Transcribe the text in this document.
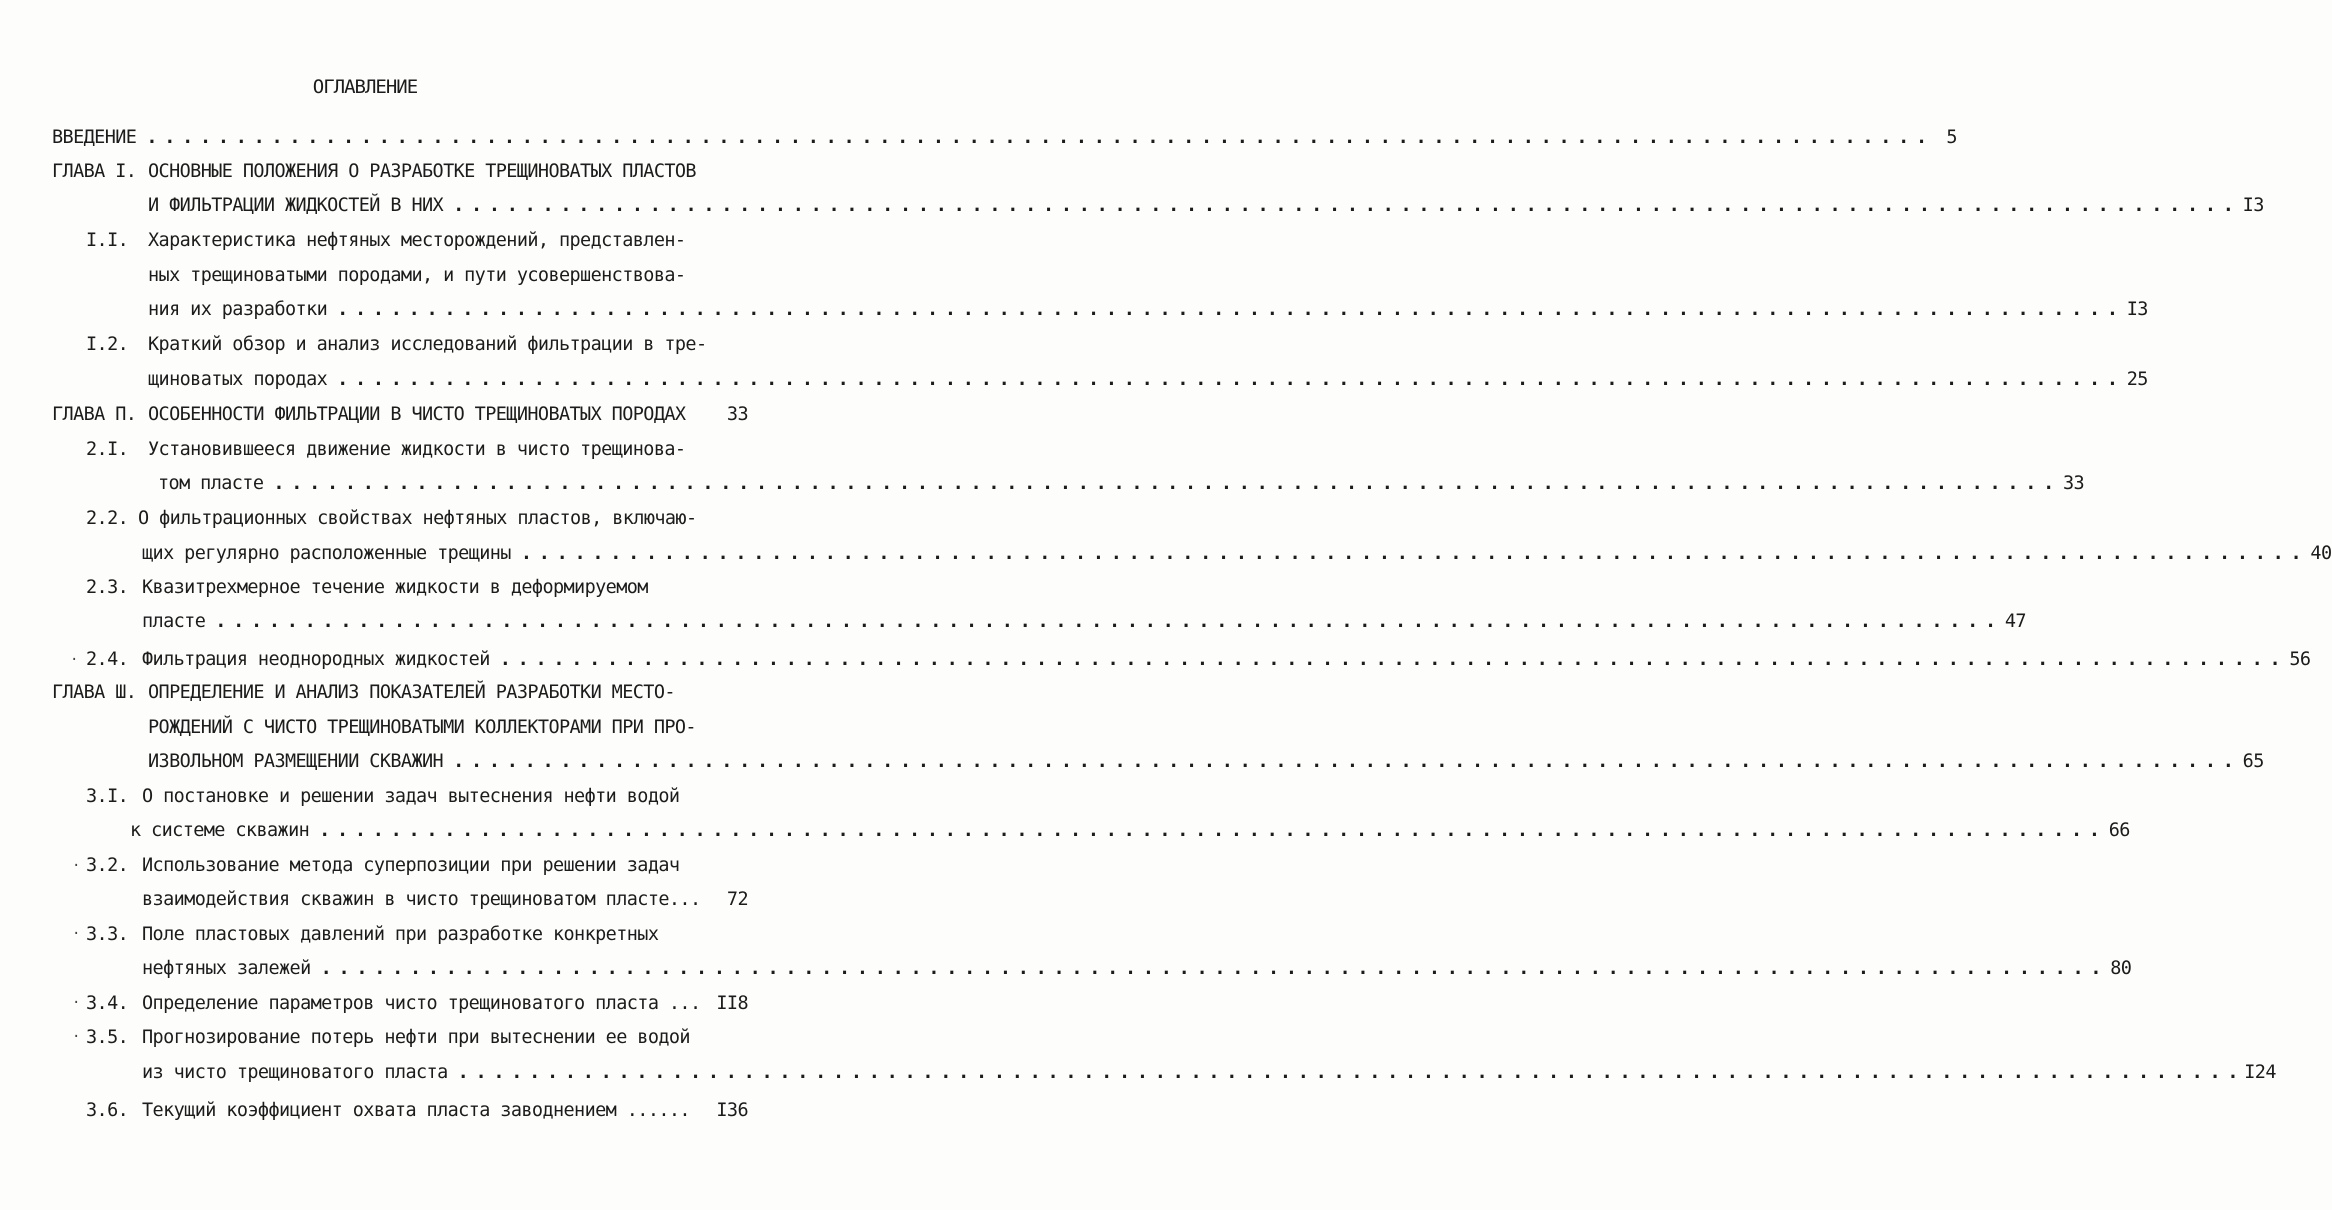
ОГЛАВЛЕНИЕ
ВВЕДЕНИЕ . . .	5
ГЛАВА I. ОСНОВНЫЕ ПОЛОЖЕНИЯ О РАЗРАБОТКЕ ТРЕЩИНОВАТЫХ ПЛАСТОВ
И ФИЛЬТРАЦИИ ЖИДКОСТЕЙ В НИХ . . .	I3
I.I.	Характеристика нефтяных месторождений, представлен-
ных трещиноватыми породами, и пути усовершенствова-
ния их разработки . . .	I3
I.2.	Краткий обзор и анализ исследований фильтрации в тре-
щиноватых породах . . .	25
ГЛАВА П. ОСОБЕННОСТИ ФИЛЬТРАЦИИ В ЧИСТО ТРЕЩИНОВАТЫХ ПОРОДАХ 33
2.I.	Установившееся движение жидкости в чисто трещинова-
том пласте . . .	33
2.2. О фильтрационных свойствах нефтяных пластов, включаю-
щих регулярно расположенные трещины . . .	40
2.3. Квазитрехмерное течение жидкости в деформируемом
пласте . . .	47
2.4. Фильтрация неоднородных жидкостей . . .	56
ГЛАВА Ш. ОПРЕДЕЛЕНИЕ И АНАЛИЗ ПОКАЗАТЕЛЕЙ РАЗРАБОТКИ МЕСТО-
РОЖДЕНИЙ С ЧИСТО ТРЕЩИНОВАТЫМИ КОЛЛЕКТОРАМИ ПРИ ПРО-
ИЗВОЛЬНОМ РАЗМЕЩЕНИИ СКВАЖИН . . .	65
3.I. О постановке и решении задач вытеснения нефти водой
к системе скважин . . .	66
3.2. Использование метода суперпозиции при решении задач
взаимодействия скважин в чисто трещиноватом пласте... 72
3.3. Поле пластовых давлений при разработке конкретных
нефтяных залежей . . .	80
3.4. Определение параметров чисто трещиноватого пласта ... II8
3.5. Прогнозирование потерь нефти при вытеснении ее водой
из чисто трещиноватого пласта . . .	I24
3.6. Текущий коэффициент охвата пласта заводнением ...... I36
·
·
·
·
·
